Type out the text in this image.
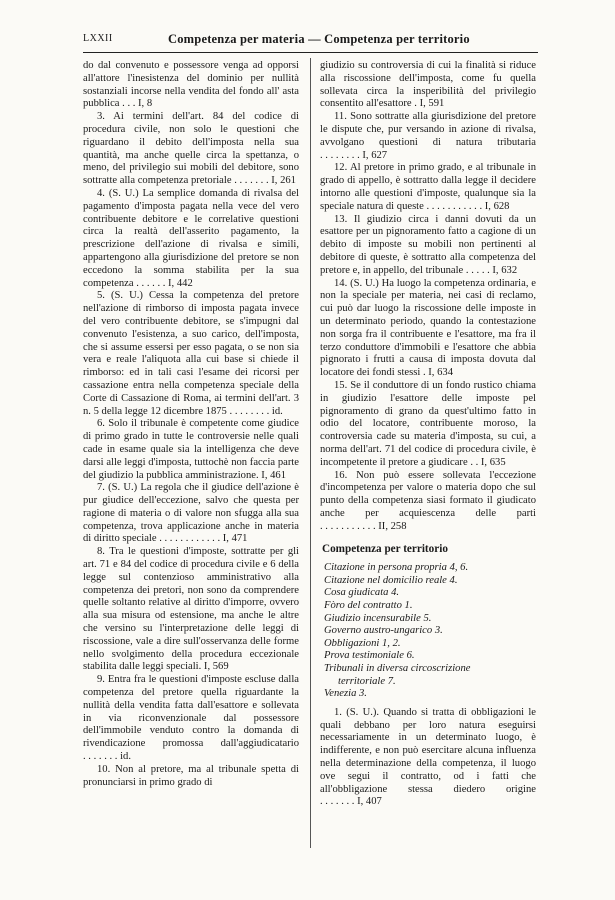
LXXII	Competenza per materia — Competenza per territorio

do dal convenuto e possessore venga ad opporsi all'attore l'inesistenza del dominio per nullità sostanziali incorse nella vendita del fondo all' asta pubblica . . . I, 8

3. Ai termini dell'art. 84 del codice di procedura civile, non solo le questioni che riguardano il debito dell'imposta nella sua quantità, ma anche quelle circa la spettanza, o meno, del privilegio sui mobili del debitore, sono sottratte alla competenza pretoriale . . . . . . . I, 261

4. (S. U.) La semplice domanda di rivalsa del pagamento d'imposta pagata nella vece del vero contribuente debitore e le correlative questioni circa la realtà dell'asserito pagamento, la prescrizione dell'azione di rivalsa e simili, appartengono alla giurisdizione del pretore se non eccedono la somma stabilita per la sua competenza . . . . . . I, 442

5. (S. U.) Cessa la competenza del pretore nell'azione di rimborso di imposta pagata invece del vero contribuente debitore, se s'impugni dal convenuto l'esistenza, a suo carico, dell'imposta, che si assume essersi per esso pagata, o se non sia vera e reale l'aliquota alla cui base si chiede il rimborso: ed in tali casi l'esame dei ricorsi per cassazione entra nella competenza speciale della Corte di Cassazione di Roma, ai termini dell'art. 3 n. 5 della legge 12 dicembre 1875 . . . . . . . . id.

6. Solo il tribunale è competente come giudice di primo grado in tutte le controversie nelle quali cade in esame quale sia la intelligenza che deve darsi alle leggi d'imposta, tuttochè non faccia parte del giudizio la pubblica amministrazione. I, 461

7. (S. U.) La regola che il giudice dell'azione è pur giudice dell'eccezione, salvo che questa per ragione di materia o di valore non sfugga alla sua competenza, trova applicazione anche in materia di diritto speciale . . . . . . . . . . . . I, 471

8. Tra le questioni d'imposte, sottratte per gli art. 71 e 84 del codice di procedura civile e 6 della legge sul contenzioso amministrativo alla competenza dei pretori, non sono da comprendere quelle soltanto relative al diritto d'imporre, ovvero alla sua misura od estensione, ma anche le altre che versino su l'interpretazione delle leggi di riscossione, vale a dire sull'osservanza delle forme nello svolgimento della procedura eccezionale stabilita dalle leggi speciali. I, 569

9. Entra fra le questioni d'imposte escluse dalla competenza del pretore quella riguardante la nullità della vendita fatta dall'esattore e sollevata in via riconvenzionale dal possessore dell'immobile venduto contro la domanda di rivendicazione promossa dall'aggiudicatario . . . . . . . id.

10. Non al pretore, ma al tribunale spetta di pronunciarsi in primo grado di

giudizio su controversia di cui la finalità si riduce alla riscossione dell'imposta, come fu quella sollevata circa la insperibilità del privilegio consentito all'esattore . I, 591

11. Sono sottratte alla giurisdizione del pretore le dispute che, pur versando in azione di rivalsa, avvolgano questioni di natura tributaria . . . . . . . . I, 627

12. Al pretore in primo grado, e al tribunale in grado di appello, è sottratto dalla legge il decidere intorno alle questioni d'imposte, qualunque sia la speciale natura di queste . . . . . . . . . . . I, 628

13. Il giudizio circa i danni dovuti da un esattore per un pignoramento fatto a cagione di un debito di imposte su mobili non pertinenti al debitore di queste, è sottratto alla competenza del pretore e, in appello, del tribunale . . . . . I, 632

14. (S. U.) Ha luogo la competenza ordinaria, e non la speciale per materia, nei casi di reclamo, cui può dar luogo la riscossione delle imposte in un determinato periodo, quando la contestazione non sorga fra il contribuente e l'esattore, ma fra il terzo conduttore d'immobili e l'esattore che abbia pignorato i frutti a causa di imposta dovuta dal locatore dei fondi stessi . I, 634

15. Se il conduttore di un fondo rustico chiama in giudizio l'esattore delle imposte pel pignoramento di grano da quest'ultimo fatto in odio del locatore, contribuente moroso, la controversia cade su materia d'imposta, su cui, a norma dell'art. 71 del codice di procedura civile, è incompetente il pretore a giudicare . . I, 635

16. Non può essere sollevata l'eccezione d'incompetenza per valore o materia dopo che sul punto della competenza siasi formato il giudicato anche per acquiescenza delle parti . . . . . . . . . . . II, 258

Competenza per territorio
Citazione in persona propria 4, 6.
Citazione nel domicilio reale 4.
Cosa giudicata 4.
Fòro del contratto 1.
Giudizio incensurabile 5.
Governo austro-ungarico 3.
Obbligazioni 1, 2.
Prova testimoniale 6.
Tribunali in diversa circoscrizione
territoriale 7.
Venezia 3.

1. (S. U.). Quando si tratta di obbligazioni le quali debbano per loro natura eseguirsi necessariamente in un determinato luogo, è indifferente, e non può esercitare alcuna influenza nella determinazione della competenza, il luogo ove segui il contratto, od i fatti che all'obbligazione stessa diedero origine . . . . . . . I, 407
